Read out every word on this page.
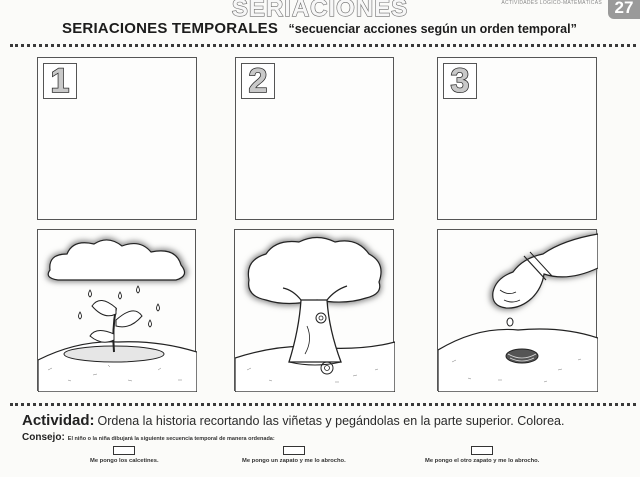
SERIACIONES	ACTIVIDADES LÓGICO-MATEMÁTICAS 27
SERIACIONES TEMPORALES “secuenciar acciones según un orden temporal”
1	2	3
Actividad: Ordena la historia recortando las viñetas y pegándolas en la parte superior. Colorea.
Consejo: El niño o la niña dibujará la siguiente secuencia temporal de manera ordenada:
Me pongo los calcetines.	Me pongo un zapato y me lo abrocho.	Me pongo el otro zapato y me lo abrocho.
